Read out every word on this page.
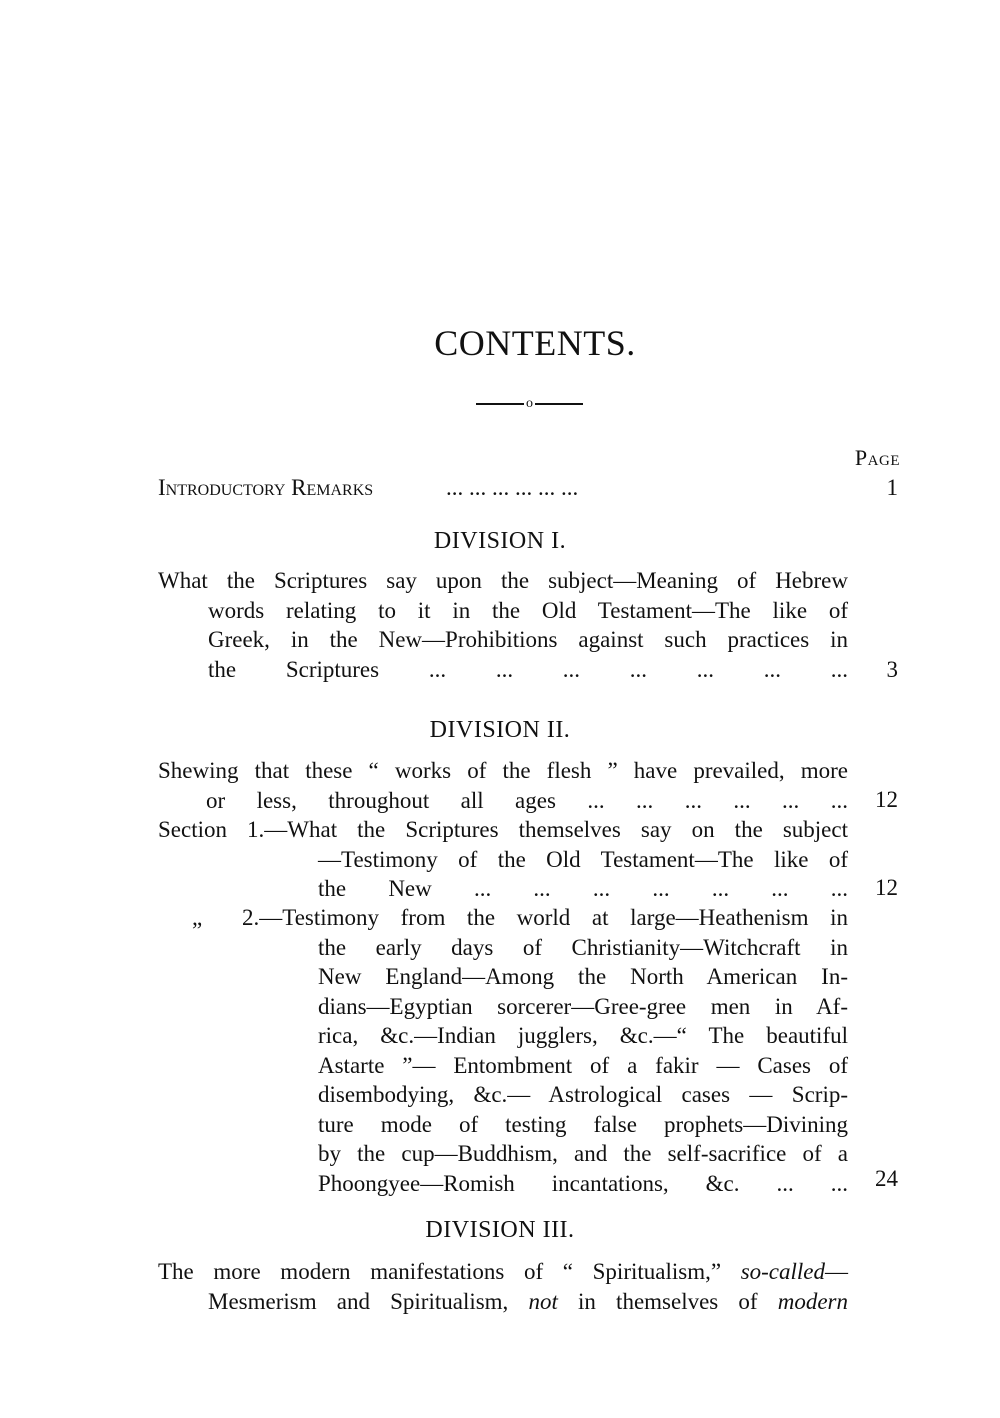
CONTENTS.
o
Page
Introductory Remarks	... ... ... ... ... ...	1
DIVISION I.
What the Scriptures say upon the subject—Meaning of Hebrew
words relating to it in the Old Testament—The like of
Greek, in the New—Prohibitions against such practices in
the Scriptures ... ... ... ... ... ... ... 3
DIVISION II.
Shewing that these “ works of the flesh ” have prevailed, more
or less, throughout all ages ... ... ... ... ... ... 12
Section 1.—What the Scriptures themselves say on the subject
—Testimony of the Old Testament—The like of
the New ... ... ... ... ... ... ... 12
„ 2.—Testimony from the world at large—Heathenism in
the early days of Christianity—Witchcraft in
New England—Among the North American In-
dians—Egyptian sorcerer—Gree-gree men in Af-
rica, &c.—Indian jugglers, &c.—“ The beautiful
Astarte ”— Entombment of a fakir — Cases of
disembodying, &c.— Astrological cases — Scrip-
ture mode of testing false prophets—Divining
by the cup—Buddhism, and the self-sacrifice of a
Phoongyee—Romish incantations, &c. ... ... 24
DIVISION III.
The more modern manifestations of “ Spiritualism,” so-called—
Mesmerism and Spiritualism, not in themselves of modern
